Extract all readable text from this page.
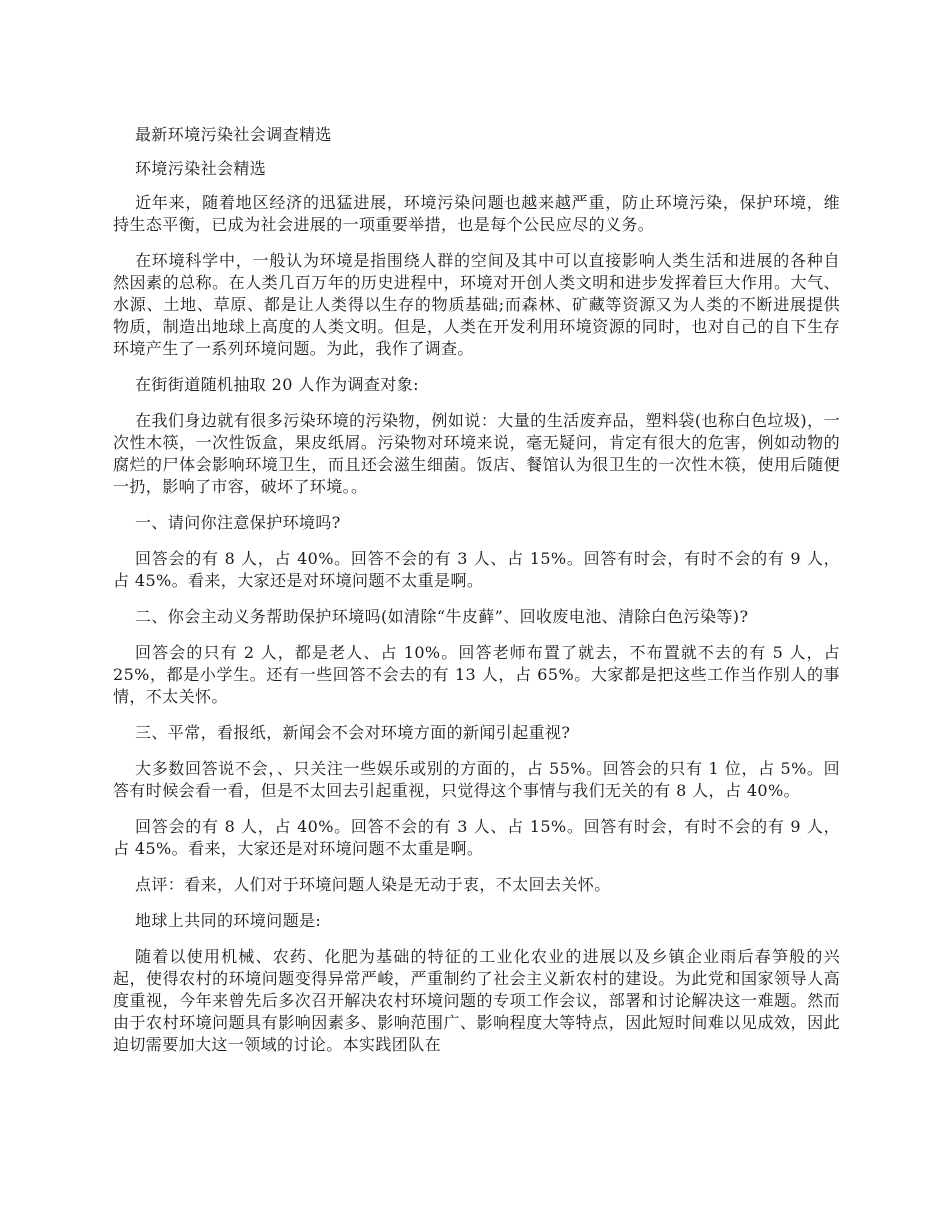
最新环境污染社会调查精选

环境污染社会精选

近年来，随着地区经济的迅猛进展，环境污染问题也越来越严重，防止环境污染，保护环境，维持生态平衡，已成为社会进展的一项重要举措，也是每个公民应尽的义务。

在环境科学中，一般认为环境是指围绕人群的空间及其中可以直接影响人类生活和进展的各种自然因素的总称。在人类几百万年的历史进程中，环境对开创人类文明和进步发挥着巨大作用。大气、水源、土地、草原、都是让人类得以生存的物质基础;而森林、矿藏等资源又为人类的不断进展提供物质，制造出地球上高度的人类文明。但是，人类在开发利用环境资源的同时，也对自己的自下生存环境产生了一系列环境问题。为此，我作了调查。

在街街道随机抽取 20 人作为调查对象:

在我们身边就有很多污染环境的污染物，例如说：大量的生活废弃品，塑料袋(也称白色垃圾)，一次性木筷，一次性饭盒，果皮纸屑。污染物对环境来说，毫无疑问，肯定有很大的危害，例如动物的腐烂的尸体会影响环境卫生，而且还会滋生细菌。饭店、餐馆认为很卫生的一次性木筷，使用后随便一扔，影响了市容，破坏了环境。。

一、请问你注意保护环境吗?

回答会的有 8 人，占 40%。回答不会的有 3 人、占 15%。回答有时会，有时不会的有 9 人，占 45%。看来，大家还是对环境问题不太重是啊。

二、你会主动义务帮助保护环境吗(如清除“牛皮藓”、回收废电池、清除白色污染等)?

回答会的只有 2 人，都是老人、占 10%。回答老师布置了就去，不布置就不去的有 5 人，占 25%，都是小学生。还有一些回答不会去的有 13 人，占 65%。大家都是把这些工作当作别人的事情，不太关怀。

三、平常，看报纸，新闻会不会对环境方面的新闻引起重视?

大多数回答说不会，、只关注一些娱乐或别的方面的，占 55%。回答会的只有 1 位，占 5%。回答有时候会看一看，但是不太回去引起重视，只觉得这个事情与我们无关的有 8 人，占 40%。

回答会的有 8 人，占 40%。回答不会的有 3 人、占 15%。回答有时会，有时不会的有 9 人，占 45%。看来，大家还是对环境问题不太重是啊。

点评：看来，人们对于环境问题人染是无动于衷，不太回去关怀。

地球上共同的环境问题是:

随着以使用机械、农药、化肥为基础的特征的工业化农业的进展以及乡镇企业雨后春笋般的兴起，使得农村的环境问题变得异常严峻，严重制约了社会主义新农村的建设。为此党和国家领导人高度重视，今年来曾先后多次召开解决农村环境问题的专项工作会议，部署和讨论解决这一难题。然而由于农村环境问题具有影响因素多、影响范围广、影响程度大等特点，因此短时间难以见成效，因此迫切需要加大这一领域的讨论。本实践团队在
